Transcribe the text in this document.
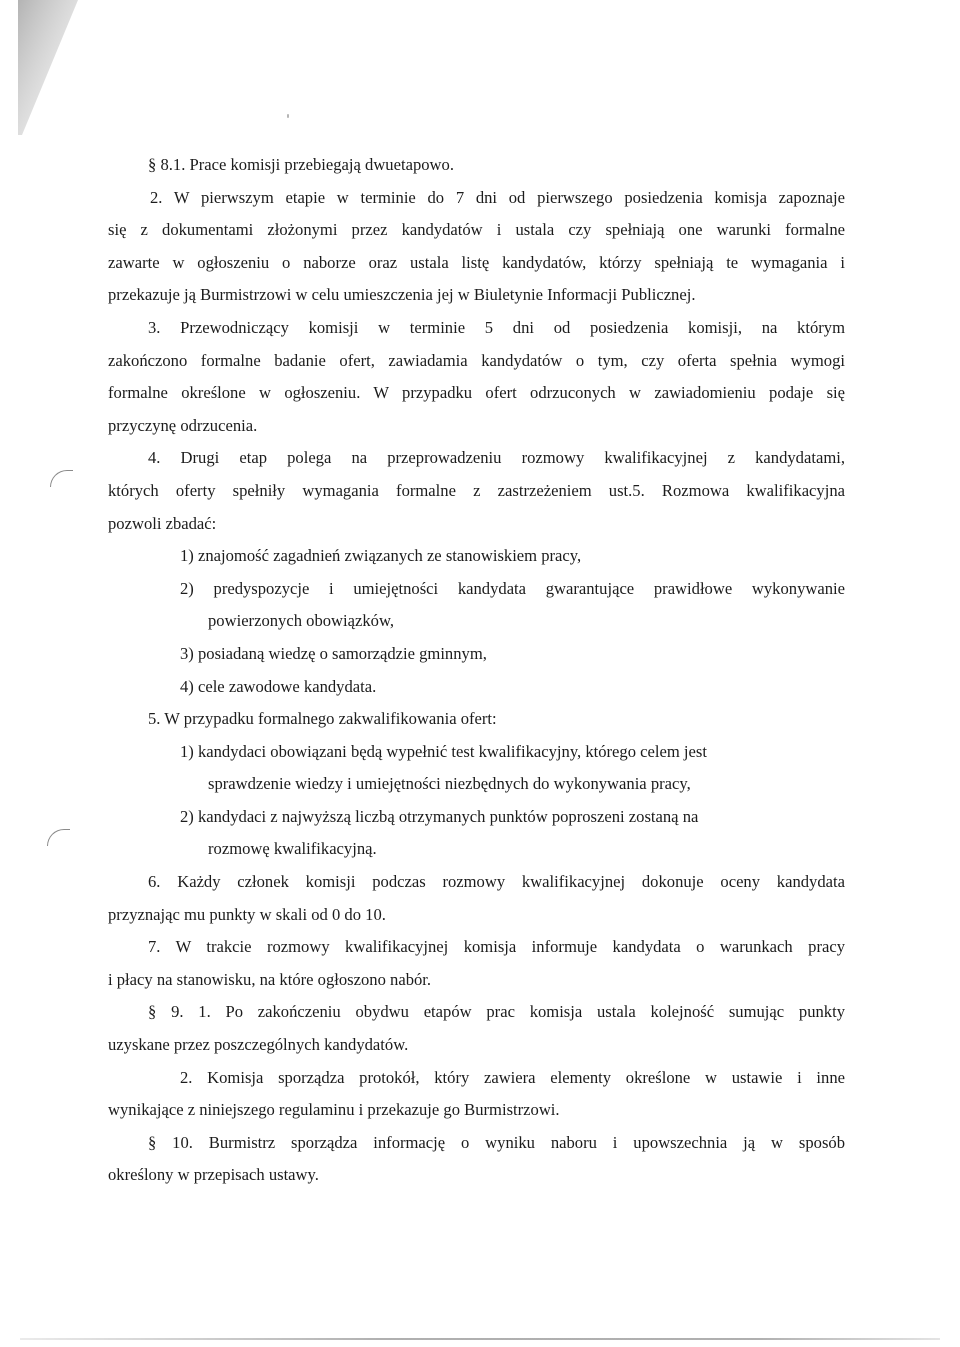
§ 8.1. Prace komisji przebiegają dwuetapowo.
2. W pierwszym etapie w terminie do 7 dni od pierwszego posiedzenia komisja zapoznaje
się z dokumentami złożonymi przez kandydatów i ustala czy spełniają one warunki formalne
zawarte w ogłoszeniu o naborze oraz ustala listę kandydatów, którzy spełniają te wymagania i
przekazuje ją Burmistrzowi w celu umieszczenia jej w Biuletynie Informacji Publicznej.
3. Przewodniczący komisji w terminie 5 dni od posiedzenia komisji, na którym
zakończono formalne badanie ofert, zawiadamia kandydatów o tym, czy oferta spełnia wymogi
formalne określone w ogłoszeniu. W przypadku ofert odrzuconych w zawiadomieniu podaje się
przyczynę odrzucenia.
4. Drugi etap polega na przeprowadzeniu rozmowy kwalifikacyjnej z kandydatami,
których oferty spełniły wymagania formalne z zastrzeżeniem ust.5. Rozmowa kwalifikacyjna
pozwoli zbadać:
1) znajomość zagadnień związanych ze stanowiskiem pracy,
2) predyspozycje i umiejętności kandydata gwarantujące prawidłowe wykonywanie
powierzonych obowiązków,
3) posiadaną wiedzę o samorządzie gminnym,
4) cele zawodowe kandydata.
5. W przypadku formalnego zakwalifikowania ofert:
1) kandydaci obowiązani będą wypełnić test kwalifikacyjny, którego celem jest
sprawdzenie wiedzy i umiejętności niezbędnych do wykonywania pracy,
2) kandydaci z najwyższą liczbą otrzymanych punktów poproszeni zostaną na
rozmowę kwalifikacyjną.
6. Każdy członek komisji podczas rozmowy kwalifikacyjnej dokonuje oceny kandydata
przyznając mu punkty w skali od 0 do 10.
7. W trakcie rozmowy kwalifikacyjnej komisja informuje kandydata o warunkach pracy
i płacy na stanowisku, na które ogłoszono nabór.
§ 9. 1. Po zakończeniu obydwu etapów prac komisja ustala kolejność sumując punkty
uzyskane przez poszczególnych kandydatów.
2. Komisja sporządza protokół, który zawiera elementy określone w ustawie i inne
wynikające z niniejszego regulaminu i przekazuje go Burmistrzowi.
§ 10. Burmistrz sporządza informację o wyniku naboru i upowszechnia ją w sposób
określony w przepisach ustawy.
